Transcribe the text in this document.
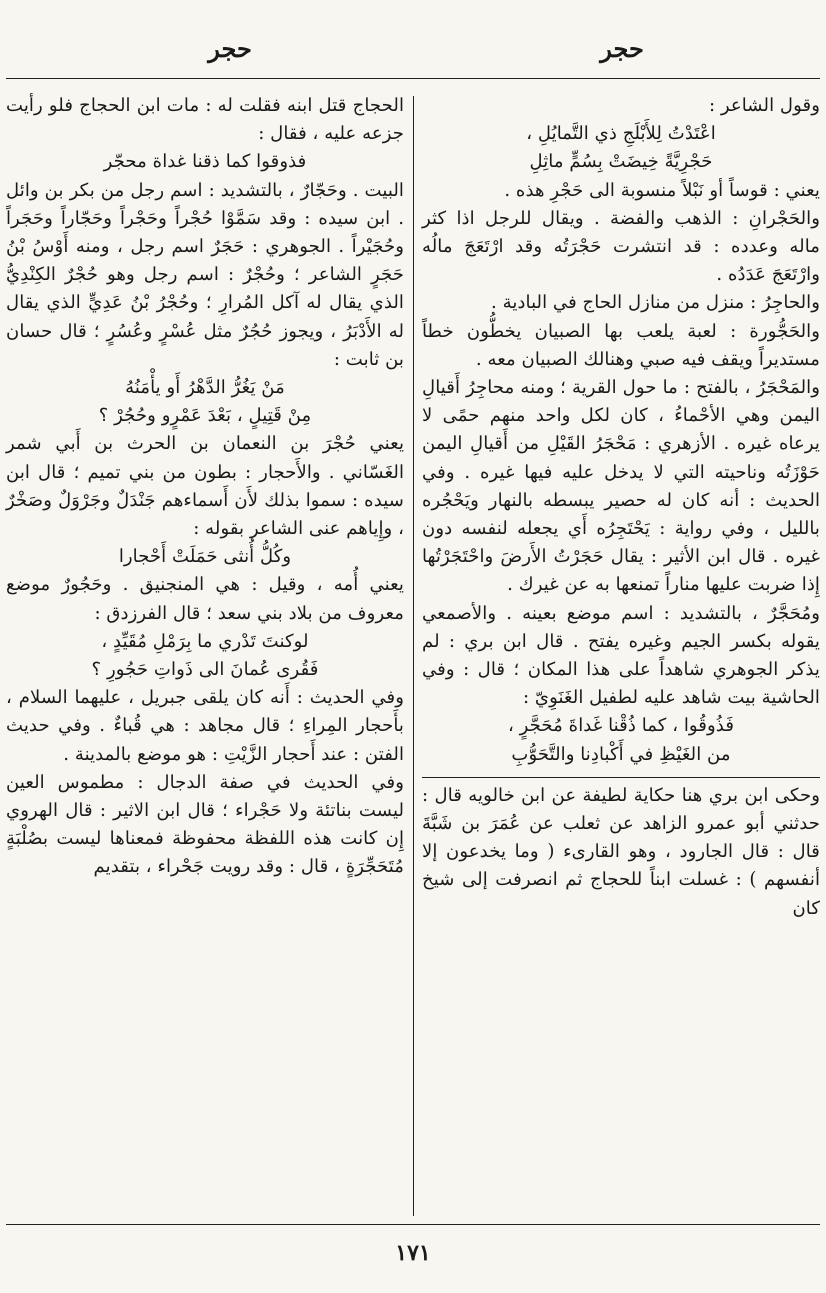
حجر
حجر

وقول الشاعر :

اعْتَدْتُ لِلأَبْلَجِ ذي التَّمايُلِ ،

حَجْرِيَّةً خِيضَتْ بِسُمٍّ ماثِلِ

يعني : قوساً أو نَبْلاً منسوبة الى حَجْرِ هذه .

والحَجْرانِ : الذهب والفضة . ويقال للرجل اذا كثر ماله وعدده : قد انتشرت حَجْرَتُه وقد ارْتَعَجَ مالُه وارْتَعَجَ عَدَدُه .

والحاجِرُ : منزل من منازل الحاج في البادية .

والحَجُّورة : لعبة يلعب بها الصبيان يخطُّون خطاً مستديراً ويقف فيه صبي وهنالك الصبيان معه .

والمَحْجَرُ ، بالفتح : ما حول القرية ؛ ومنه محاجِرُ أَقيالِ اليمن وهي الأحْماءُ ، كان لكل واحد منهم حمًى لا يرعاه غيره . الأزهري : مَحْجَرُ القَيْلِ من أَقيالِ اليمن حَوْزَتُه وناحيته التي لا يدخل عليه فيها غيره . وفي الحديث : أنه كان له حصير يبسطه بالنهار ويَحْجُره بالليل ، وفي رواية : يَحْتَجِرُه أَي يجعله لنفسه دون غيره . قال ابن الأثير : يقال حَجَرْتُ الأَرضَ واحْتَجَرْتُها إِذا ضربت عليها مناراً تمنعها به عن غيرك .

ومُحَجَّرٌ ، بالتشديد : اسم موضع بعينه . والأصمعي يقوله بكسر الجيم وغيره يفتح . قال ابن بري : لم يذكر الجوهري شاهداً على هذا المكان ؛ قال : وفي الحاشية بيت شاهد عليه لطفيل الغَنَوِيّ :

فَذُوقُوا ، كما ذُقْنا غَداةَ مُحَجَّرٍ ،

من الغَيْظِ في أَكْبادِنا والتَّحَوُّبِ

وحكى ابن بري هنا حكاية لطيفة عن ابن خالويه قال : حدثني أبو عمرو الزاهد عن ثعلب عن عُمَرَ بن شَبَّةَ قال : قال الجارود ، وهو القارىء ( وما يخدعون إلا أنفسهم ) : غسلت ابناً للحجاج ثم انصرفت إلى شيخ كان

الحجاج قتل ابنه فقلت له : مات ابن الحجاج فلو رأيت جزعه عليه ، فقال :

فذوقوا كما ذقنا غداة محجّر

البيت . وحَجّارٌ ، بالتشديد : اسم رجل من بكر بن وائل . ابن سيده : وقد سَمَّوْا حُجْراً وحَجْراً وحَجّاراً وحَجَراً وحُجَيْراً . الجوهري : حَجَرٌ اسم رجل ، ومنه أَوْسُ بْنُ حَجَرٍ الشاعر ؛ وحُجْرٌ : اسم رجل وهو حُجْرٌ الكِنْدِيُّ الذي يقال له آكل المُرارِ ؛ وحُجْرُ بْنُ عَدِيٍّ الذي يقال له الأَدْبَرُ ، ويجوز حُجُرٌ مثل عُسْرٍ وعُسُرٍ ؛ قال حسان بن ثابت :

مَنْ يَغُرُّ الدَّهْرُ أَو يأْمَنُهُ

مِنْ قَتِيلٍ ، بَعْدَ عَمْرٍو وحُجُرْ ؟

يعني حُجْرَ بن النعمان بن الحرث بن أَبي شمر الغَسّاني . والأَحجار : بطون من بني تميم ؛ قال ابن سيده : سموا بذلك لأَن أَسماءهم جَنْدَلٌ وجَرْوَلٌ وصَخْرٌ ، وإِياهم عنى الشاعر بقوله :

وكُلُّ أُنثى حَمَلَتْ أَحْجارا

يعني أُمه ، وقيل : هي المنجنيق . وحَجُورٌ موضع معروف من بلاد بني سعد ؛ قال الفرزدق :

لوكنتَ تَدْري ما بِرَمْلِ مُقَيِّدٍ ،

فَقُرى عُمانَ الى ذَواتِ حَجُورِ ؟

وفي الحديث : أَنه كان يلقى جبريل ، عليهما السلام ، بأَحجار المِراءِ ؛ قال مجاهد : هي قُباءٌ . وفي حديث الفتن : عند أَحجار الزَّيْتِ : هو موضع بالمدينة .

وفي الحديث في صفة الدجال : مطموس العين ليست بناتئة ولا حَجْراء ؛ قال ابن الاثير : قال الهروي إِن كانت هذه اللفظة محفوظة فمعناها ليست بصُلْبَةٍ مُتَحَجِّرَةٍ ، قال : وقد رويت جَحْراء ، بتقديم

١٧١
